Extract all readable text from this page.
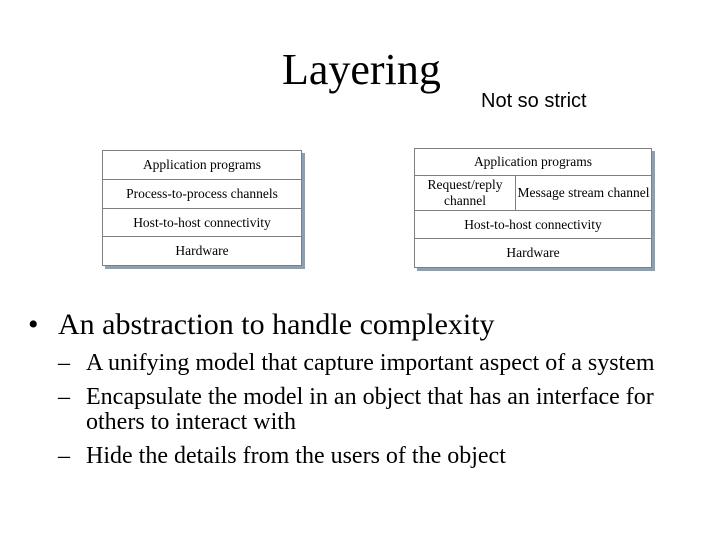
Layering
Not so strict
Application programs
Process-to-process channels
Host-to-host connectivity
Hardware
Application programs
Request/reply channel
Message stream channel
Host-to-host connectivity
Hardware
• An abstraction to handle complexity
– A unifying model that capture important aspect of a system
– Encapsulate the model in an object that has an interface for others to interact with
– Hide the details from the users of the object
